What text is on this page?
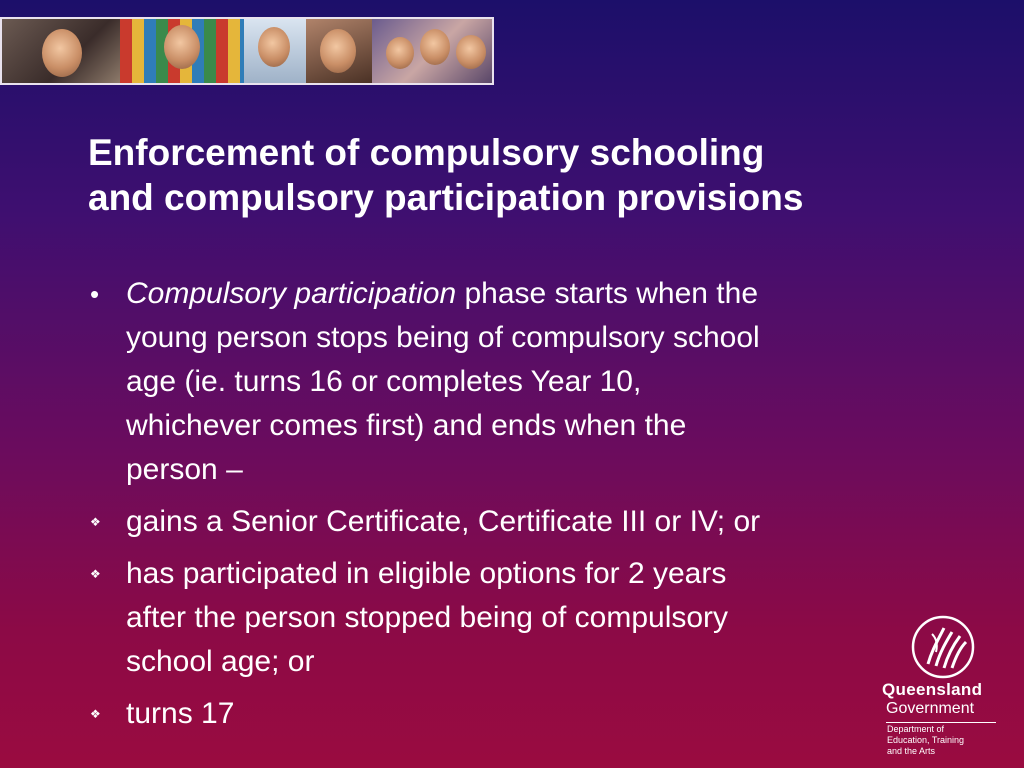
Enforcement of compulsory schooling
and compulsory participation provisions
• Compulsory participation phase starts when the
young person stops being of compulsory school
age (ie. turns 16 or completes Year 10,
whichever comes first) and ends when the
person –
❖ gains a Senior Certificate, Certificate III or IV; or
❖ has participated in eligible options for 2 years
after the person stopped being of compulsory
school age; or
❖ turns 17
Queensland
Government
Department of
Education, Training
and the Arts
